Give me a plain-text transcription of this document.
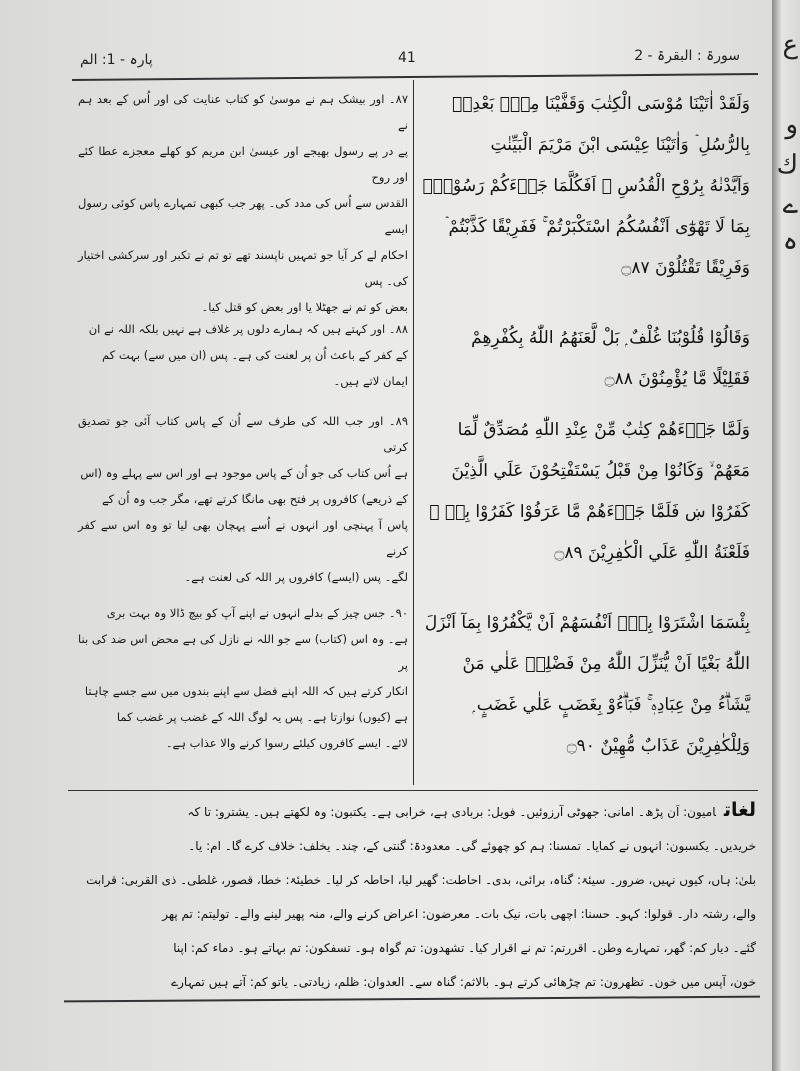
سورۃ : البقرۃ - 2
41
پارہ - 1: الم

۸۷۔ اور بیشک ہم نے موسیٰ کو کتاب عنایت کی اور اُس کے بعد ہم نے

پے در پے رسول بھیجے اور عیسیٰ ابن مریم کو کھلے معجزے عطا کئے اور روح

القدس سے اُس کی مدد کی۔ پھر جب کبھی تمہارے پاس کوئی رسول ایسے

احکام لے کر آیا جو تمہیں ناپسند تھے تو تم نے تکبر اور سرکشی اختیار کی۔ پس

بعض کو تم نے جھٹلا یا اور بعض کو قتل کیا۔

۸۸۔ اور کہتے ہیں کہ ہمارے دلوں پر غلاف ہے نہیں بلکہ اللہ نے ان

کے کفر کے باعث اُن پر لعنت کی ہے۔ پس (ان میں سے) بہت کم

ایمان لاتے ہیں۔

۸۹۔ اور جب اللہ کی طرف سے اُن کے پاس کتاب آئی جو تصدیق کرتی

ہے اُس کتاب کی جو اُن کے پاس موجود ہے اور اس سے پہلے وہ (اس

کے ذریعے) کافروں پر فتح بھی مانگا کرتے تھے، مگر جب وہ اُن کے

پاس آ پہنچی اور انہوں نے اُسے پہچان بھی لیا تو وہ اس سے کفر کرنے

لگے۔ پس (ایسے) کافروں پر اللہ کی لعنت ہے۔

۹۰۔ جس چیز کے بدلے انہوں نے اپنے آپ کو بیچ ڈالا وہ بہت بری

ہے۔ وہ اس (کتاب) سے جو اللہ نے نازل کی ہے محض اس ضد کی بنا پر

انکار کرتے ہیں کہ اللہ اپنے فضل سے اپنے بندوں میں سے جسے چاہتا

ہے (کیوں) نوازتا ہے۔ پس یہ لوگ اللہ کے غضب پر غضب کما

لائے۔ ایسے کافروں کیلئے رسوا کرنے والا عذاب ہے۔

وَلَقَدْ اٰتَيْنَا مُوْسَى الْكِتٰبَ وَقَفَّيْنَا مِنْۢ بَعْدِهٖ

بِالرُّسُلِ ۡ وَاٰتَيْنَا عِيْسَى ابْنَ مَرْيَمَ الْبَيِّنٰتِ

وَاَيَّدْنٰهُ بِرُوْحِ الْقُدُسِ ۭ اَفَكُلَّمَا جَاۗءَكُمْ رَسُوْلٌۢ

بِمَا لَا تَهْوٰٓى اَنْفُسُكُمُ اسْتَكْبَرْتُمْ ۚ فَفَرِيْقًا كَذَّبْتُمْ ۡ

وَفَرِيْقًا تَقْتُلُوْنَ ۝٨٧

وَقَالُوْا قُلُوْبُنَا غُلْفٌ ۭ بَلْ لَّعَنَهُمُ اللّٰهُ بِكُفْرِهِمْ

فَقَلِيْلًا مَّا يُؤْمِنُوْنَ ۝٨٨

وَلَمَّا جَاۗءَهُمْ كِتٰبٌ مِّنْ عِنْدِ اللّٰهِ مُصَدِّقٌ لِّمَا

مَعَهُمْ ۙ وَكَانُوْا مِنْ قَبْلُ يَسْتَفْتِحُوْنَ عَلَي الَّذِيْنَ

كَفَرُوْا ښ فَلَمَّا جَاۗءَھُمْ مَّا عَرَفُوْا كَفَرُوْا بِهٖ ۡ

فَلَعْنَةُ اللّٰهِ عَلَي الْكٰفِرِيْنَ ۝٨٩

بِئْسَمَا اشْتَرَوْا بِهٖٓ اَنْفُسَھُمْ اَنْ يَّكْفُرُوْا بِمَآ اَنْزَلَ

اللّٰهُ بَغْيًا اَنْ يُّنَزِّلَ اللّٰهُ مِنْ فَضْلِهٖ عَلٰي مَنْ

يَّشَاۗءُ مِنْ عِبَادِهٖ ۚ فَبَاۗءُوْ بِغَضَبٍ عَلٰي غَضَبٍ ۭ

وَلِلْكٰفِرِيْنَ عَذَابٌ مُّهِيْنٌ ۝٩٠

لغاتامیون: اَن پڑھ۔ امانی: جھوٹی آرزوئیں۔ فویل: بربادی ہے، خرابی ہے۔ یکتبون: وہ لکھتے ہیں۔ یشترو: تا کہ

خریدیں۔ یکسبون: انہوں نے کمایا۔ تمسنا: ہم کو چھوئے گی۔ معدودۃ: گنتی کے، چند۔ یخلف: خلاف کرے گا۔ ام: یا۔

بلیٰ: ہاں، کیوں نہیں، ضرور۔ سیئۃ: گناہ، برائی، بدی۔ احاطت: گھیر لیا، احاطہ کر لیا۔ خطیئۃ: خطا، قصور، غلطی۔ ذی القربی: قرابت

والے، رشتہ دار۔ قولوا: کہو۔ حسنا: اچھی بات، نیک بات۔ معرضون: اعراض کرنے والے، منہ پھیر لینے والے۔ تولیتم: تم پھر

گئے۔ دیار کم: گھر، تمہارے وطن۔ اقررتم: تم نے اقرار کیا۔ تشھدون: تم گواہ ہو۔ تسفکون: تم بہاتے ہو۔ دماء کم: اپنا

خون، آپس میں خون۔ تظھرون: تم چڑھائی کرتے ہو۔ بالاثم: گناہ سے۔ العدوان: ظلم، زیادتی۔ یاتو کم: آتے ہیں تمہارے

ع
و
ك
ے
ہ
